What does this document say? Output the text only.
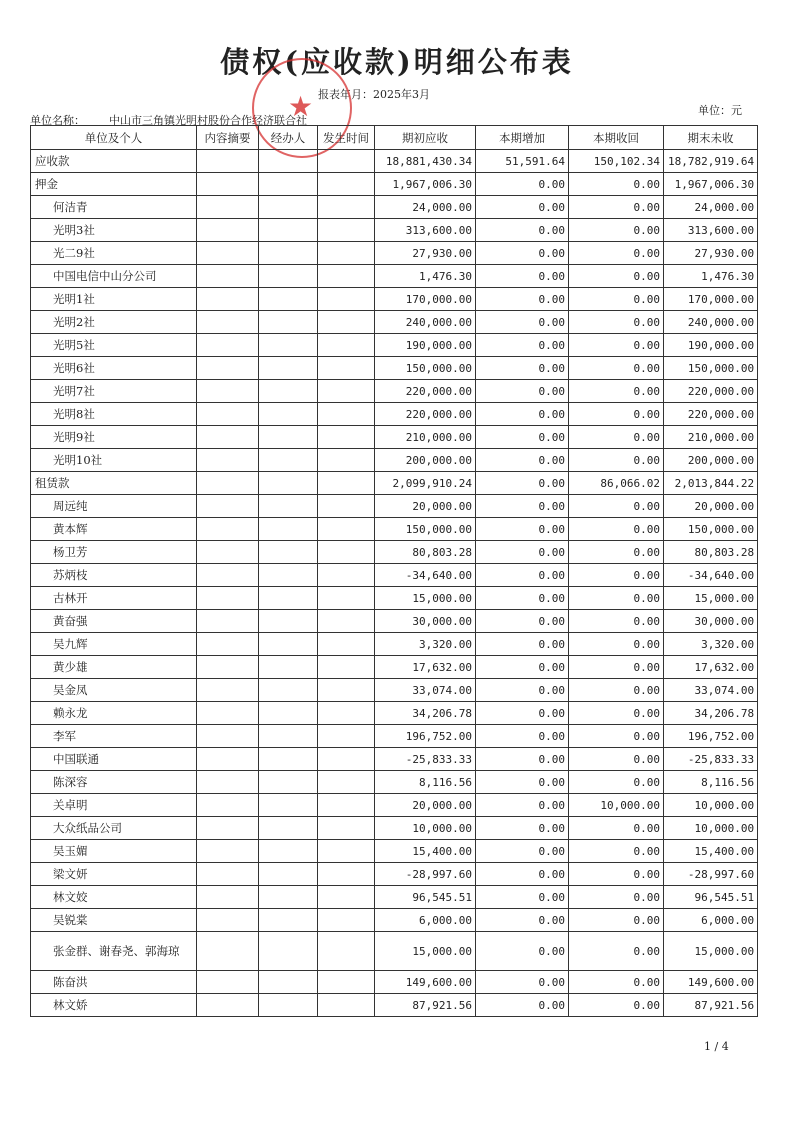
债权(应收款)明细公布表
报表年月：2025年3月
单位名称： 中山市三角镇光明村股份合作经济联合社
单位：元
★
单位及个人	内容摘要	经办人	发生时间	期初应收	本期增加	本期收回	期末未收
应收款				18,881,430.34	51,591.64	150,102.34	18,782,919.64
押金				1,967,006.30	0.00	0.00	1,967,006.30
何洁青				24,000.00	0.00	0.00	24,000.00
光明3社				313,600.00	0.00	0.00	313,600.00
光二9社				27,930.00	0.00	0.00	27,930.00
中国电信中山分公司				1,476.30	0.00	0.00	1,476.30
光明1社				170,000.00	0.00	0.00	170,000.00
光明2社				240,000.00	0.00	0.00	240,000.00
光明5社				190,000.00	0.00	0.00	190,000.00
光明6社				150,000.00	0.00	0.00	150,000.00
光明7社				220,000.00	0.00	0.00	220,000.00
光明8社				220,000.00	0.00	0.00	220,000.00
光明9社				210,000.00	0.00	0.00	210,000.00
光明10社				200,000.00	0.00	0.00	200,000.00
租赁款				2,099,910.24	0.00	86,066.02	2,013,844.22
周远纯				20,000.00	0.00	0.00	20,000.00
黄本辉				150,000.00	0.00	0.00	150,000.00
杨卫芳				80,803.28	0.00	0.00	80,803.28
苏炳枝				-34,640.00	0.00	0.00	-34,640.00
古林开				15,000.00	0.00	0.00	15,000.00
黄奋强				30,000.00	0.00	0.00	30,000.00
吴九辉				3,320.00	0.00	0.00	3,320.00
黄少雄				17,632.00	0.00	0.00	17,632.00
吴金凤				33,074.00	0.00	0.00	33,074.00
赖永龙				34,206.78	0.00	0.00	34,206.78
李军				196,752.00	0.00	0.00	196,752.00
中国联通				-25,833.33	0.00	0.00	-25,833.33
陈深容				8,116.56	0.00	0.00	8,116.56
关卓明				20,000.00	0.00	10,000.00	10,000.00
大众纸品公司				10,000.00	0.00	0.00	10,000.00
吴玉媚				15,400.00	0.00	0.00	15,400.00
梁文妍				-28,997.60	0.00	0.00	-28,997.60
林文姣				96,545.51	0.00	0.00	96,545.51
吴锐棠				6,000.00	0.00	0.00	6,000.00
张金群、谢春尧、郭海琼				15,000.00	0.00	0.00	15,000.00
陈奋洪				149,600.00	0.00	0.00	149,600.00
林文娇				87,921.56	0.00	0.00	87,921.56
1 / 4
